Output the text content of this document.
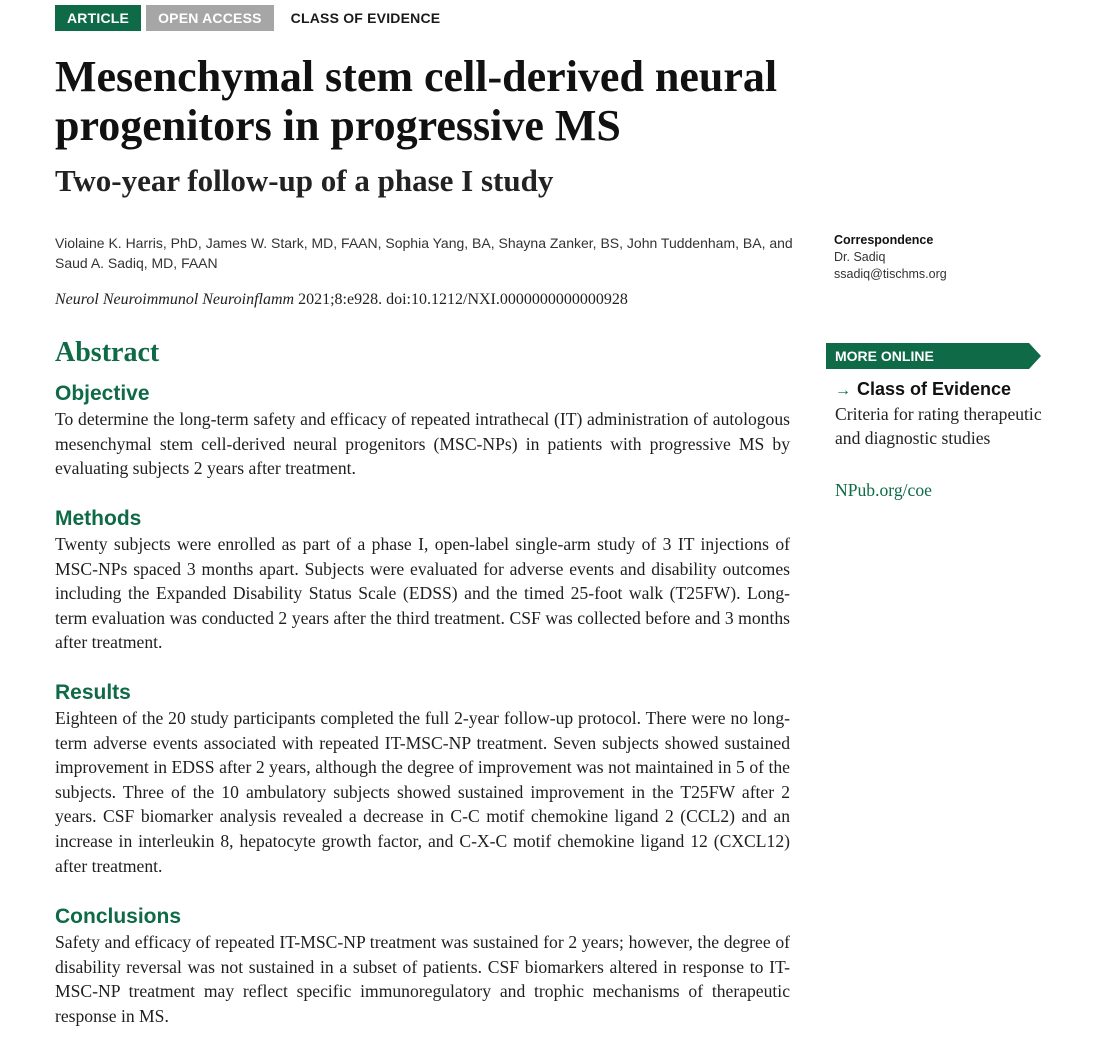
ARTICLE	OPEN ACCESS	CLASS OF EVIDENCE
Mesenchymal stem cell-derived neural progenitors in progressive MS
Two-year follow-up of a phase I study

Violaine K. Harris, PhD, James W. Stark, MD, FAAN, Sophia Yang, BA, Shayna Zanker, BS, John Tuddenham, BA, and Saud A. Sadiq, MD, FAAN

Neurol Neuroimmunol Neuroinflamm 2021;8:e928. doi:10.1212/NXI.0000000000000928

Abstract
Objective

To determine the long-term safety and efficacy of repeated intrathecal (IT) administration of autologous mesenchymal stem cell-derived neural progenitors (MSC-NPs) in patients with progressive MS by evaluating subjects 2 years after treatment.

Methods

Twenty subjects were enrolled as part of a phase I, open-label single-arm study of 3 IT injections of MSC-NPs spaced 3 months apart. Subjects were evaluated for adverse events and disability outcomes including the Expanded Disability Status Scale (EDSS) and the timed 25-foot walk (T25FW). Long-term evaluation was conducted 2 years after the third treatment. CSF was collected before and 3 months after treatment.

Results

Eighteen of the 20 study participants completed the full 2-year follow-up protocol. There were no long-term adverse events associated with repeated IT-MSC-NP treatment. Seven subjects showed sustained improvement in EDSS after 2 years, although the degree of improvement was not maintained in 5 of the subjects. Three of the 10 ambulatory subjects showed sustained improvement in the T25FW after 2 years. CSF biomarker analysis revealed a decrease in C-C motif chemokine ligand 2 (CCL2) and an increase in interleukin 8, hepatocyte growth factor, and C-X-C motif chemokine ligand 12 (CXCL12) after treatment.

Conclusions

Safety and efficacy of repeated IT-MSC-NP treatment was sustained for 2 years; however, the degree of disability reversal was not sustained in a subset of patients. CSF biomarkers altered in response to IT-MSC-NP treatment may reflect specific immunoregulatory and trophic mechanisms of therapeutic response in MS.

Correspondence
Dr. Sadiq
ssadiq@tischms.org
MORE ONLINE
→ Class of Evidence

Criteria for rating therapeutic and diagnostic studies

NPub.org/coe
